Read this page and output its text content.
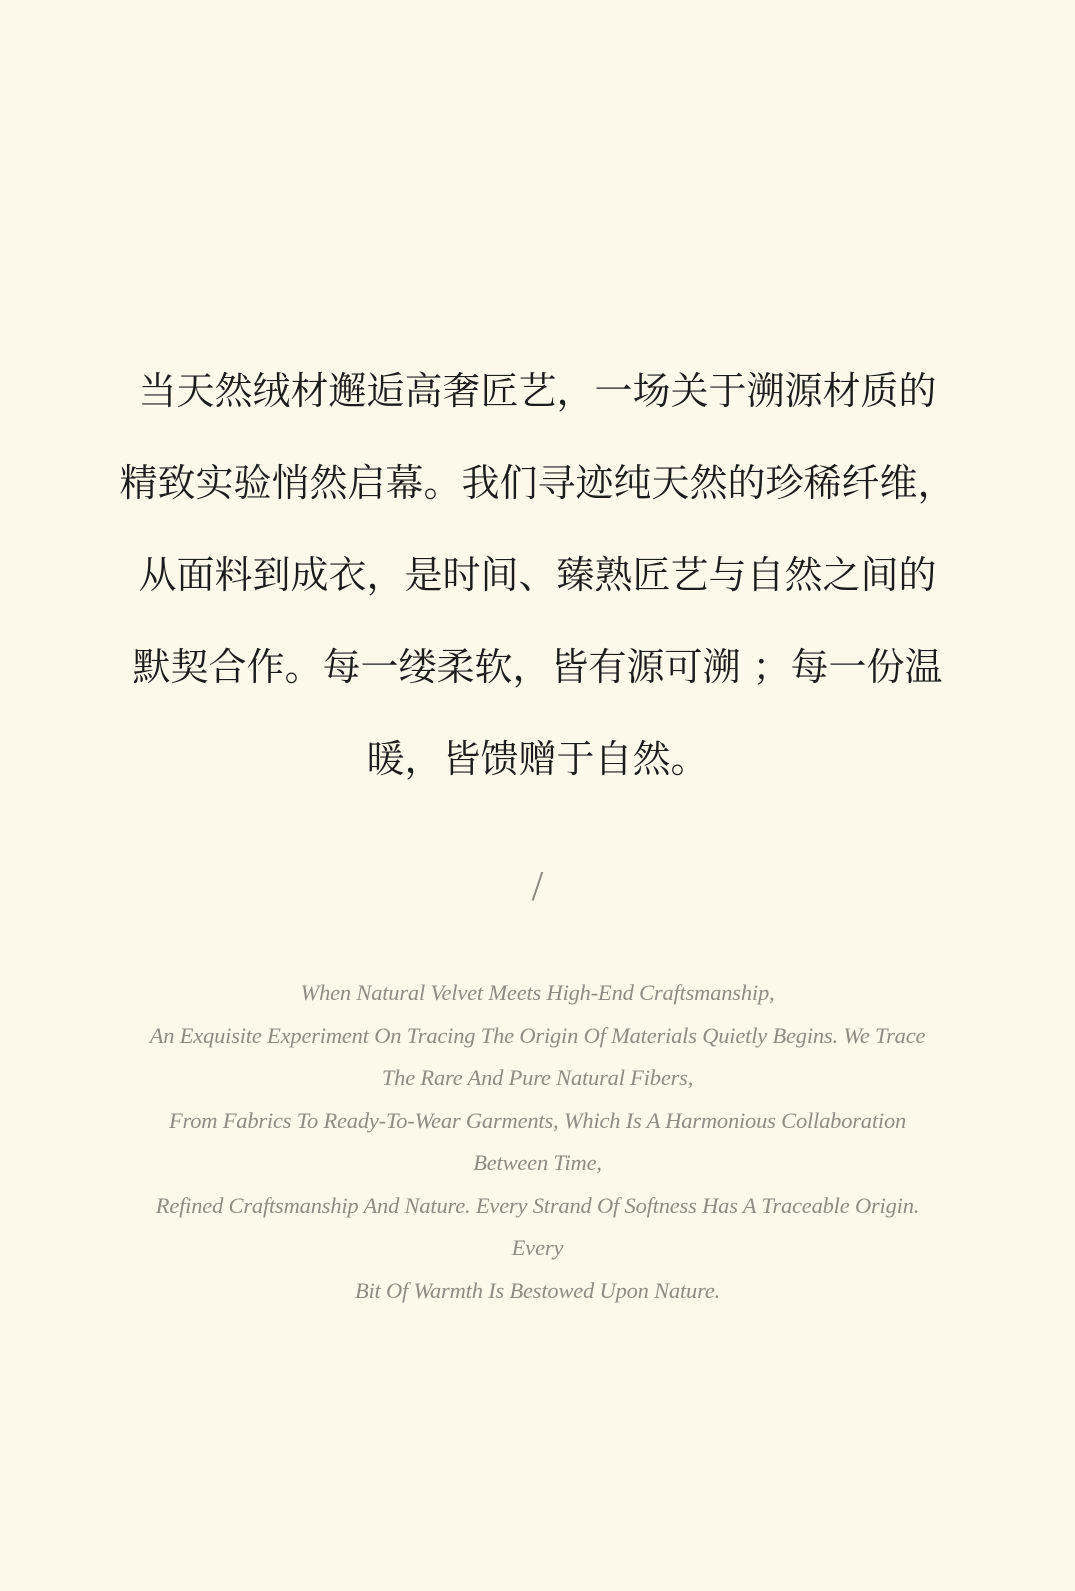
当天然绒材邂逅高奢匠艺，一场关于溯源材质的
精致实验悄然启幕。我们寻迹纯天然的珍稀纤维，
从面料到成衣，是时间、臻熟匠艺与自然之间的
默契合作。每一缕柔软，皆有源可溯 ；每一份温
暖，皆馈赠于自然。
/
When Natural Velvet Meets High-End Craftsmanship,
An Exquisite Experiment On Tracing The Origin Of Materials Quietly Begins. We Trace
The Rare And Pure Natural Fibers,
From Fabrics To Ready-To-Wear Garments, Which Is A Harmonious Collaboration
Between Time,
Refined Craftsmanship And Nature. Every Strand Of Softness Has A Traceable Origin.
Every
Bit Of Warmth Is Bestowed Upon Nature.
